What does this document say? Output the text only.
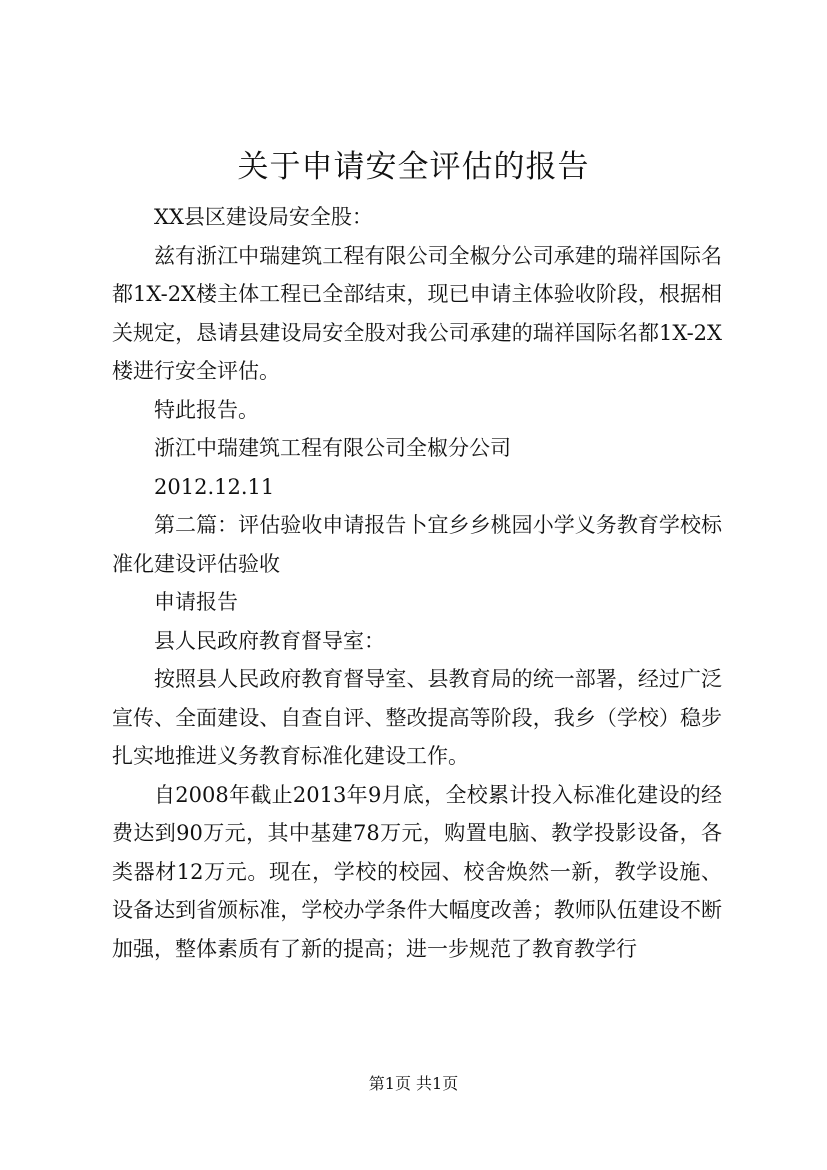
关于申请安全评估的报告

XX县区建设局安全股：

兹有浙江中瑞建筑工程有限公司全椒分公司承建的瑞祥国际名都1X-2X楼主体工程已全部结束，现已申请主体验收阶段，根据相关规定，恳请县建设局安全股对我公司承建的瑞祥国际名都1X-2X楼进行安全评估。

特此报告。

浙江中瑞建筑工程有限公司全椒分公司

2012.12.11

第二篇：评估验收申请报告卜宜乡乡桃园小学义务教育学校标准化建设评估验收

申请报告

县人民政府教育督导室：

按照县人民政府教育督导室、县教育局的统一部署，经过广泛宣传、全面建设、自查自评、整改提高等阶段，我乡（学校）稳步扎实地推进义务教育标准化建设工作。

自2008年截止2013年9月底，全校累计投入标准化建设的经费达到90万元，其中基建78万元，购置电脑、教学投影设备，各类器材12万元。现在，学校的校园、校舍焕然一新，教学设施、设备达到省颁标准，学校办学条件大幅度改善；教师队伍建设不断加强，整体素质有了新的提高；进一步规范了教育教学行

第1页 共1页
